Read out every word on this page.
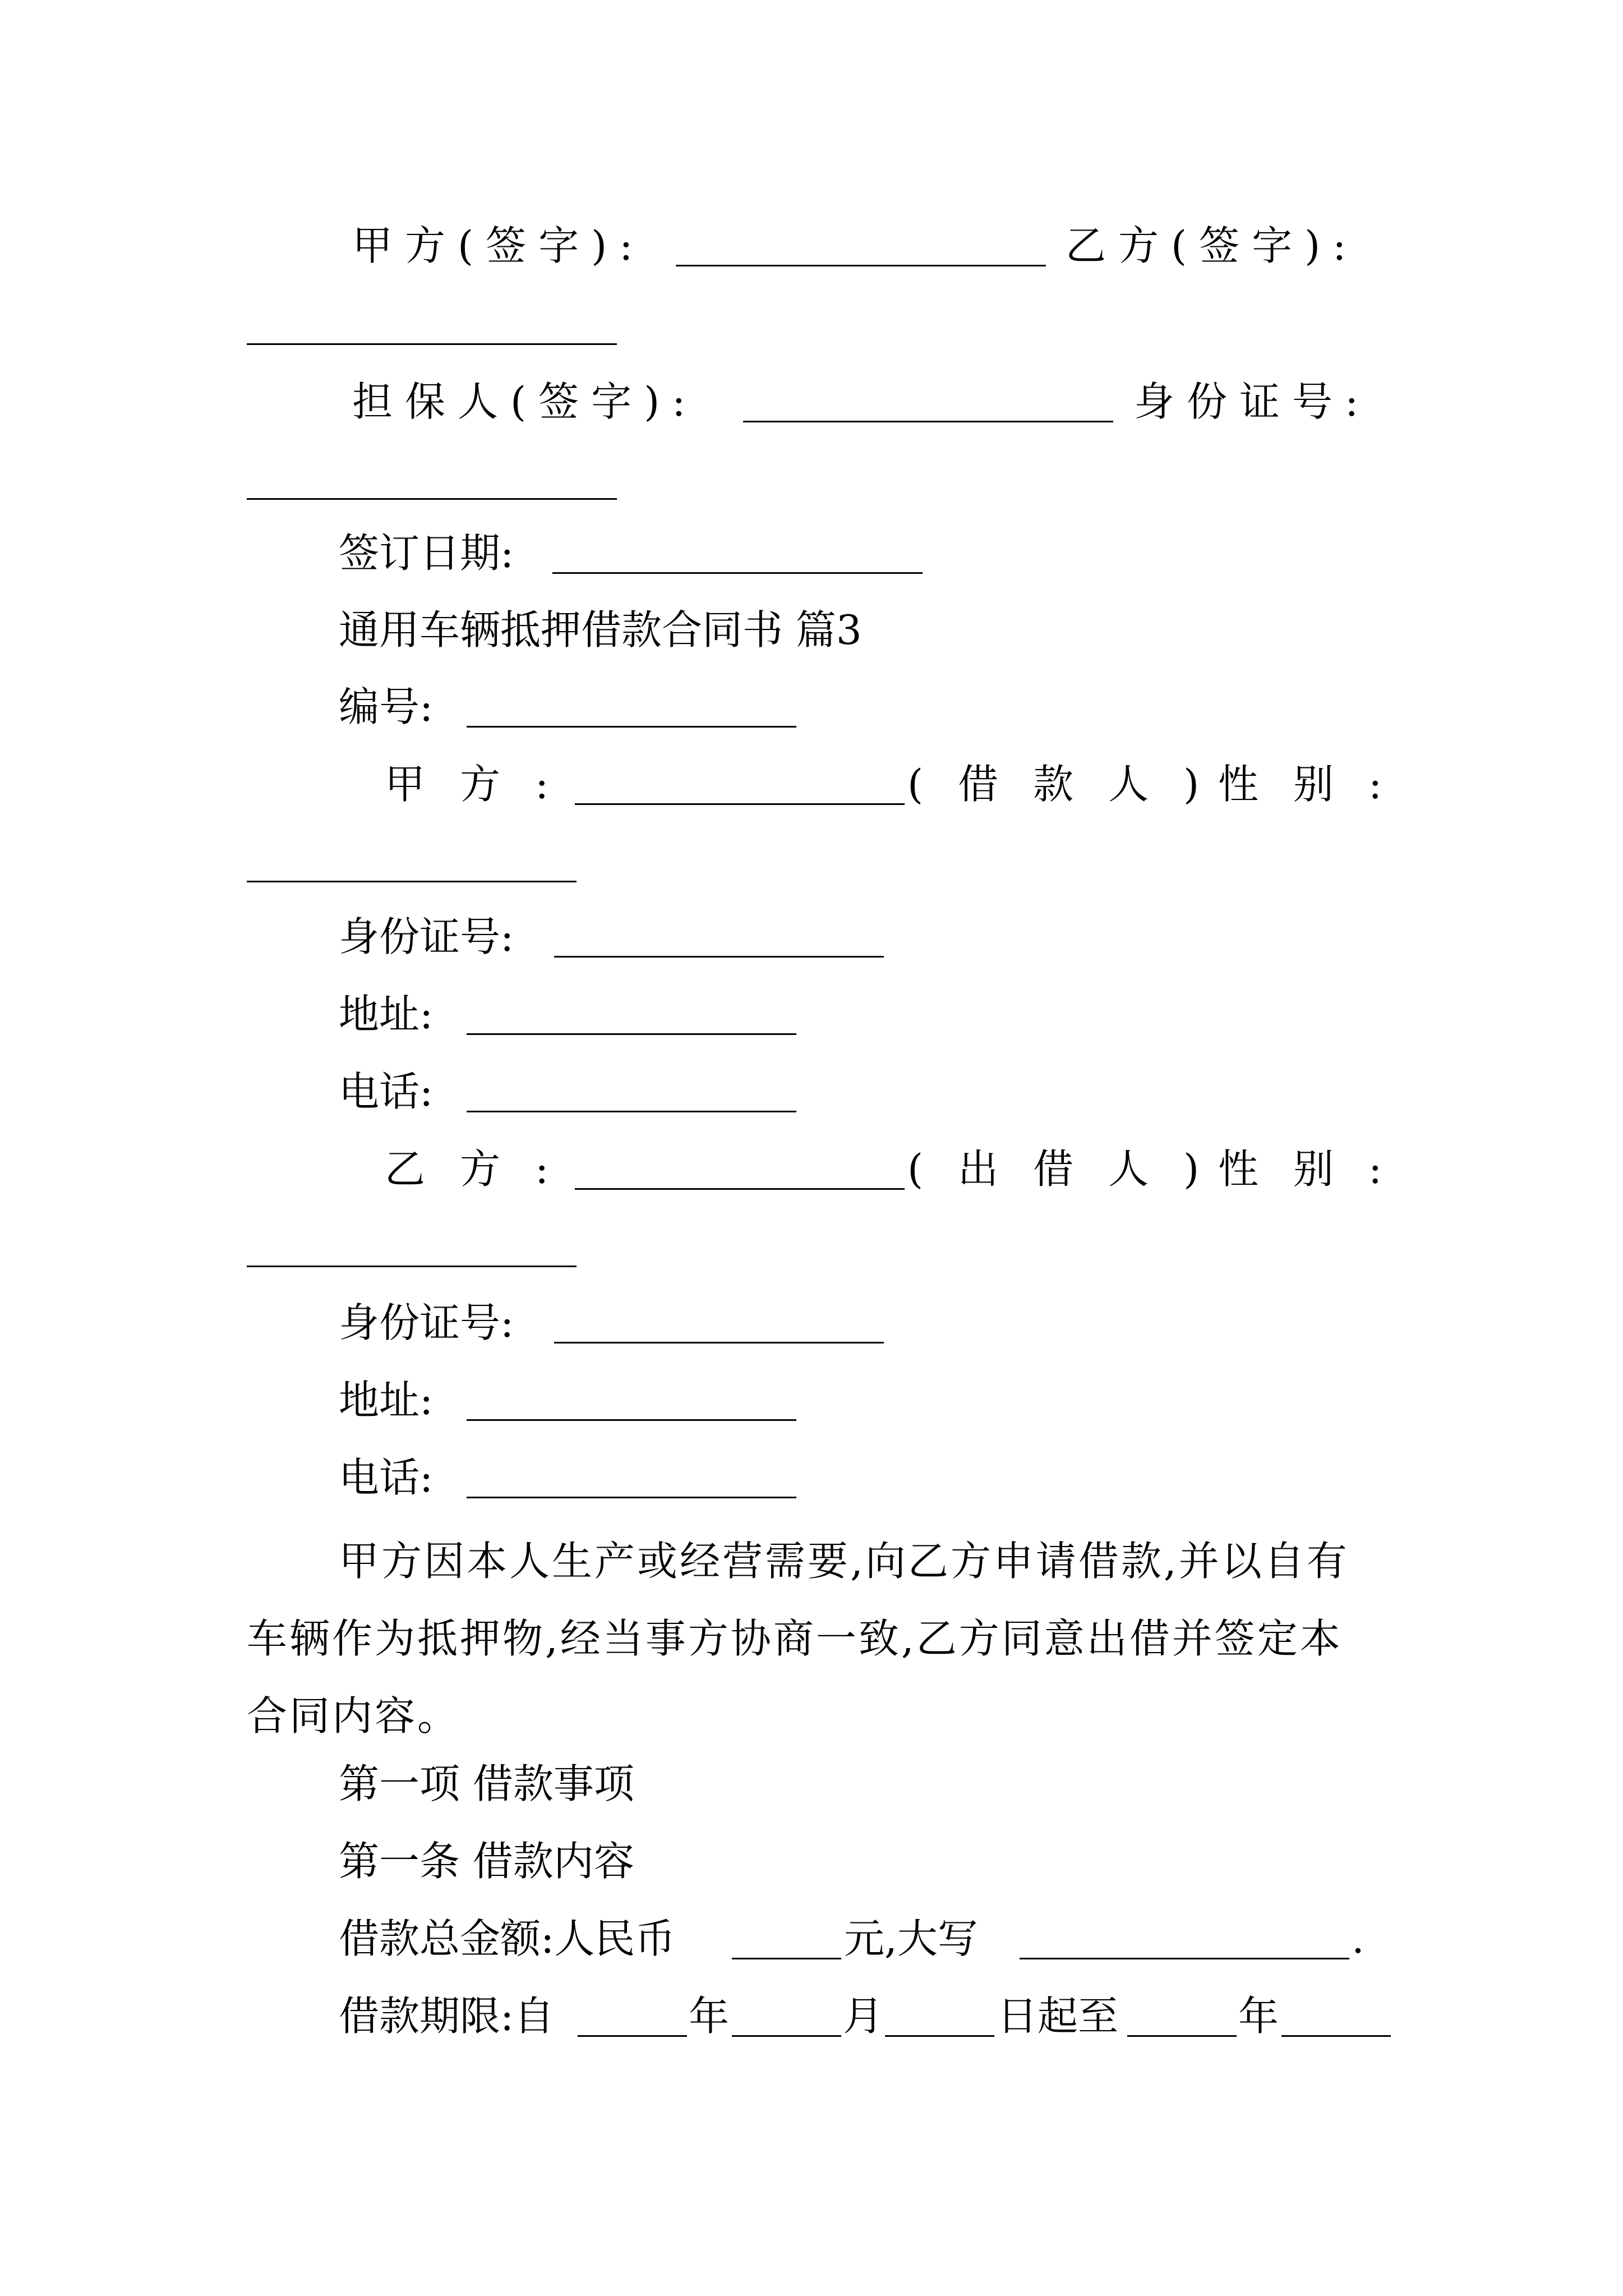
甲方(签字):	乙方(签字):
担保人(签字):	身份证号:
签订日期:
通用车辆抵押借款合同书 篇3
编号:
甲方:	(借款人)
性别:
身份证号:
地址:
电话:
乙方:	(出借人)
性别:
身份证号:
地址:
电话:
甲方因本人生产或经营需要,向乙方申请借款,并以自有车辆作为抵押物,经当事方协商一致,乙方同意出借并签定本合同内容。
第一项 借款事项
第一条 借款内容
借款总金额:人民币	元,大写	.
借款期限:自	年	月	日起至	年
